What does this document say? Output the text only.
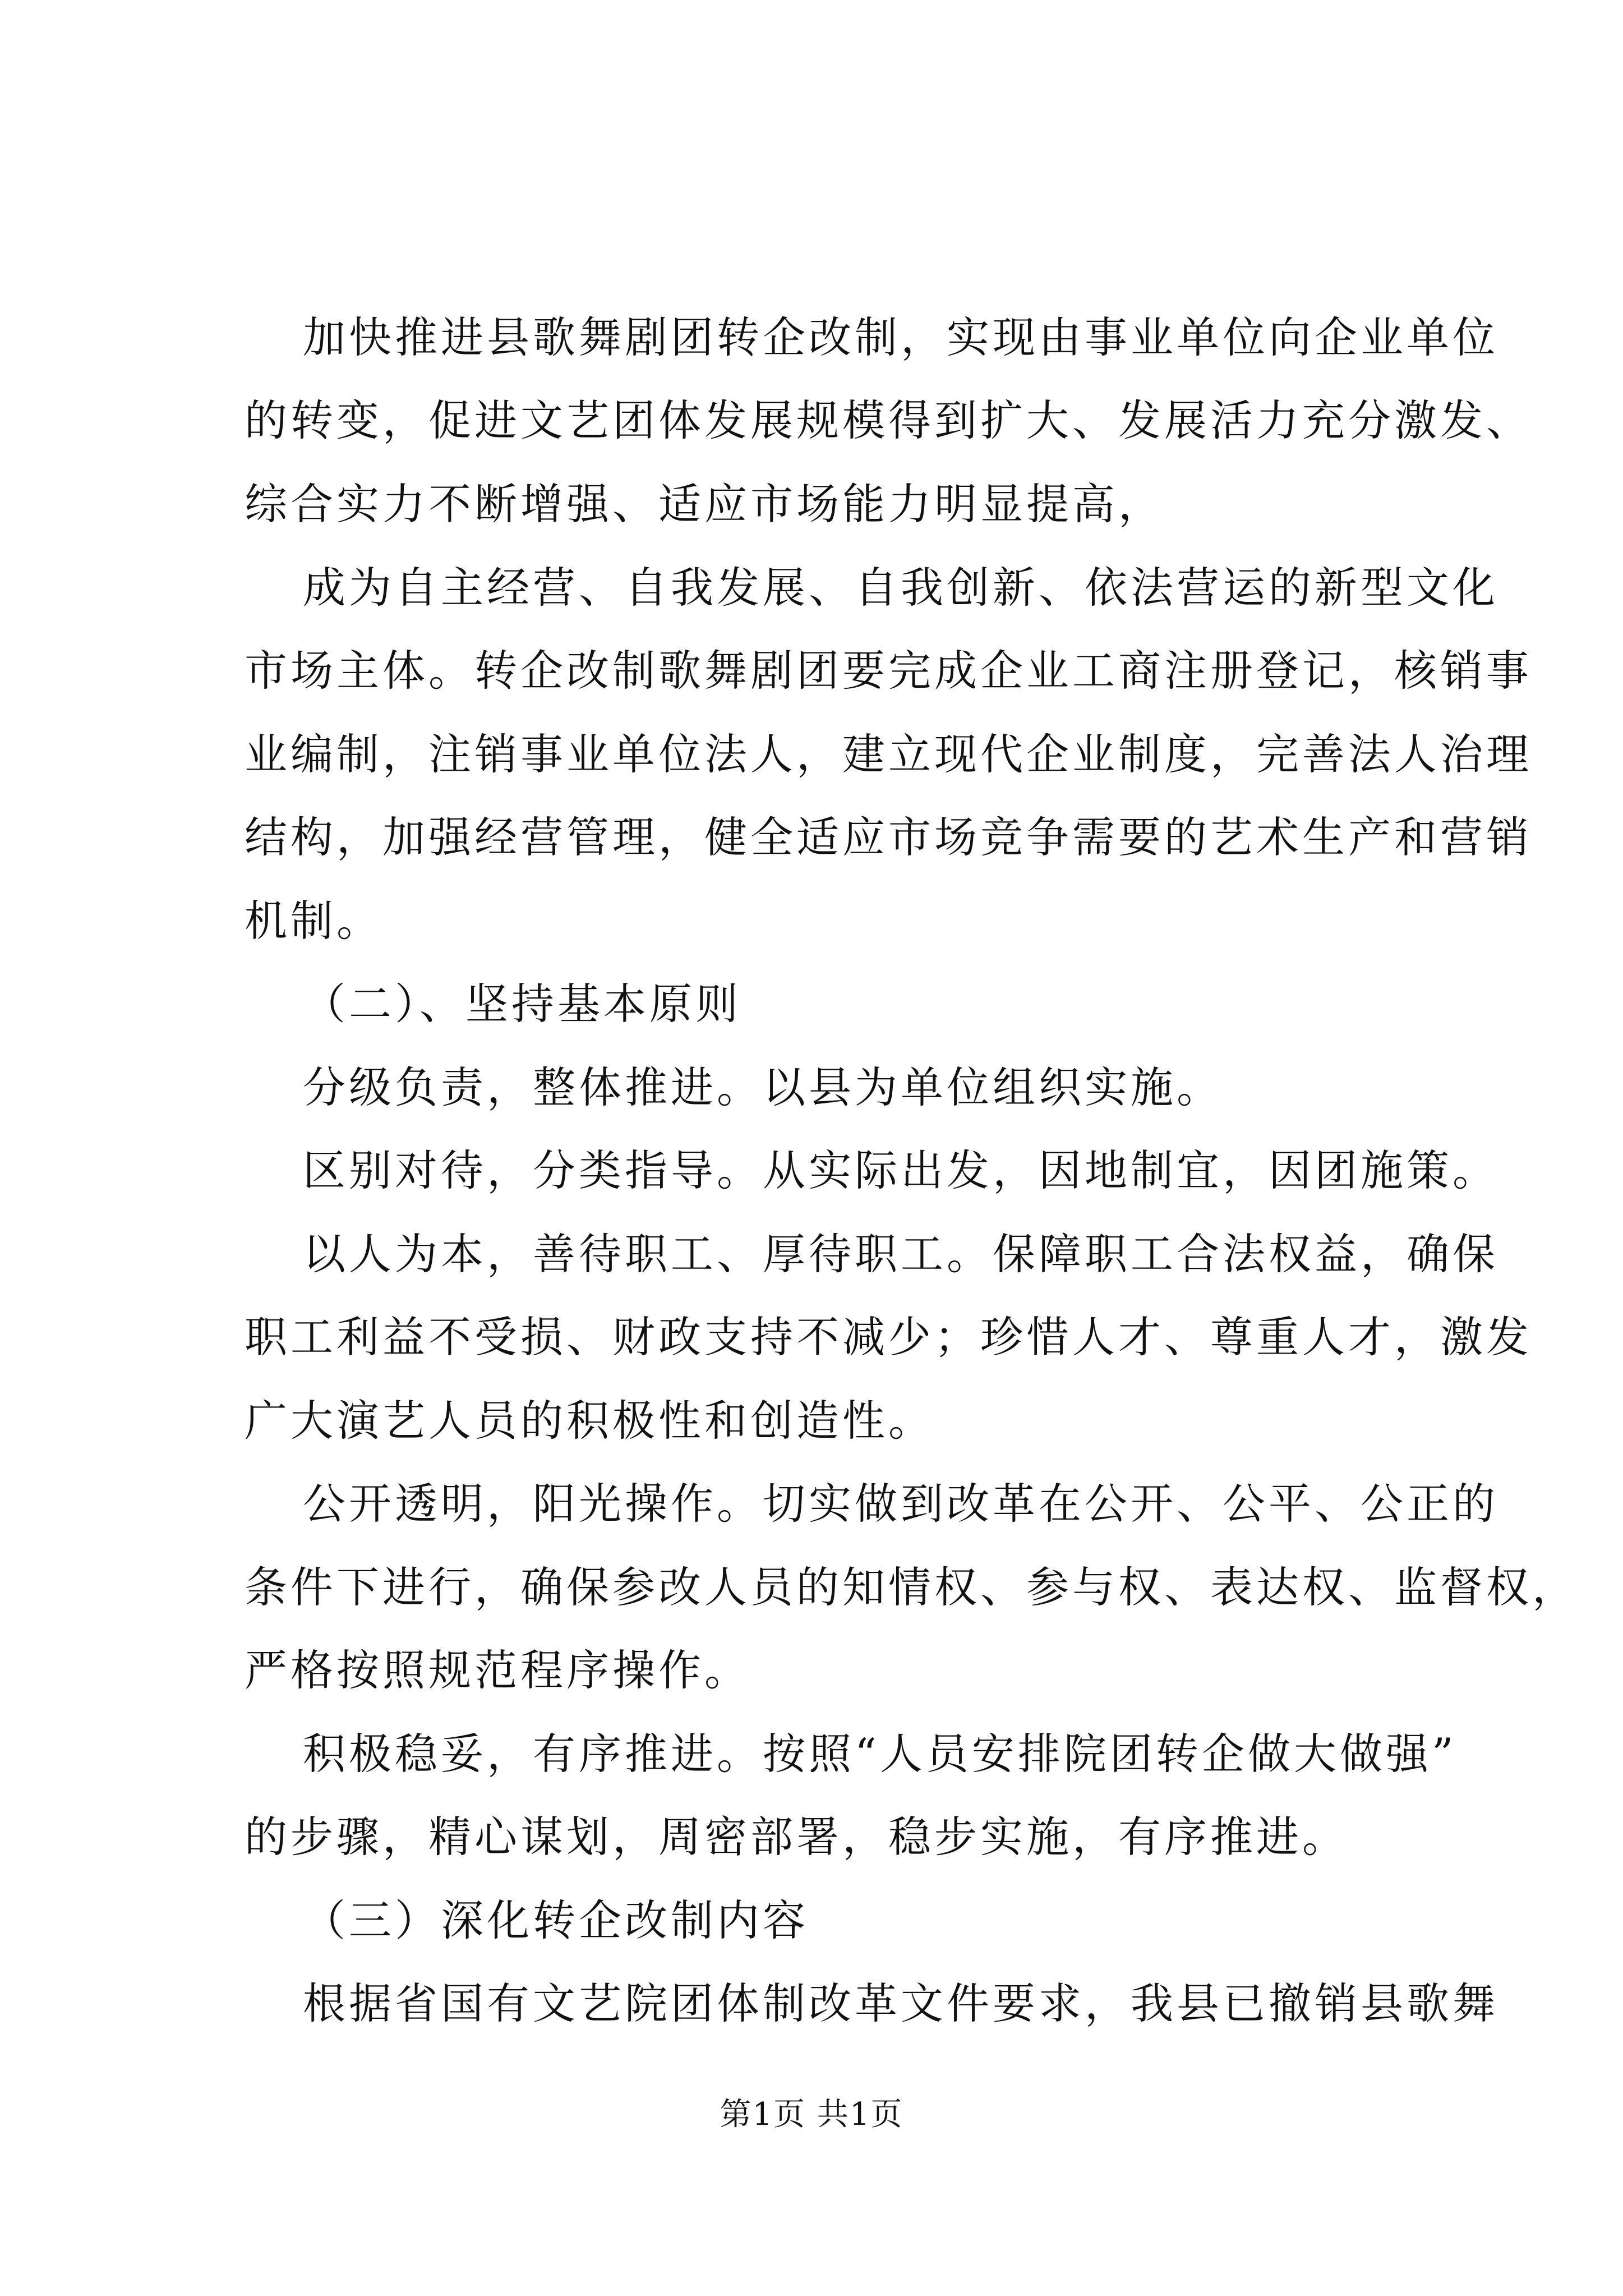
加快推进县歌舞剧团转企改制，实现由事业单位向企业单位
的转变，促进文艺团体发展规模得到扩大、发展活力充分激发、
综合实力不断增强、适应市场能力明显提高，
成为自主经营、自我发展、自我创新、依法营运的新型文化
市场主体。转企改制歌舞剧团要完成企业工商注册登记，核销事
业编制，注销事业单位法人，建立现代企业制度，完善法人治理
结构，加强经营管理，健全适应市场竞争需要的艺术生产和营销
机制。
（二）、坚持基本原则
分级负责，整体推进。以县为单位组织实施。
区别对待，分类指导。从实际出发，因地制宜，因团施策。
以人为本，善待职工、厚待职工。保障职工合法权益，确保
职工利益不受损、财政支持不减少；珍惜人才、尊重人才，激发
广大演艺人员的积极性和创造性。
公开透明，阳光操作。切实做到改革在公开、公平、公正的
条件下进行，确保参改人员的知情权、参与权、表达权、监督权，
严格按照规范程序操作。
积极稳妥，有序推进。按照“人员安排院团转企做大做强”
的步骤，精心谋划，周密部署，稳步实施，有序推进。
（三）深化转企改制内容
根据省国有文艺院团体制改革文件要求，我县已撤销县歌舞
第1页 共1页
